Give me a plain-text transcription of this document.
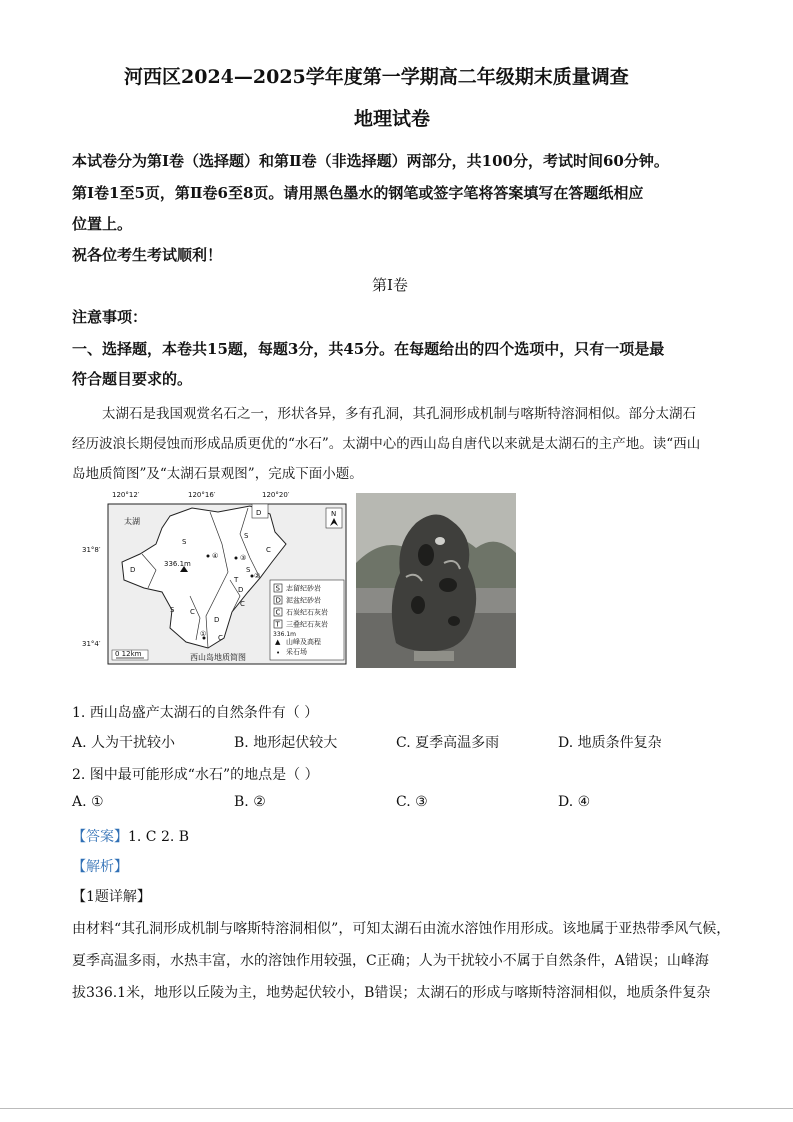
河西区2024—2025学年度第一学期高二年级期末质量调查
地理试卷
本试卷分为第Ⅰ卷（选择题）和第Ⅱ卷（非选择题）两部分，共100分，考试时间60分钟。
第Ⅰ卷1至5页，第Ⅱ卷6至8页。请用黑色墨水的钢笔或签字笔将答案填写在答题纸相应
位置上。
祝各位考生考试顺利！
第Ⅰ卷
注意事项：
一、选择题，本卷共15题，每题3分，共45分。在每题给出的四个选项中，只有一项是最
符合题目要求的。
太湖石是我国观赏名石之一，形状各异，多有孔洞，其孔洞形成机制与喀斯特溶洞相似。部分太湖石
经历波浪长期侵蚀而形成品质更优的“水石”。太湖中心的西山岛自唐代以来就是太湖石的主产地。读“西山
岛地质简图”及“太湖石景观图”，完成下面小题。
120°12′	120°16′	120°20′
31°8′
31°4′
S
D
S
C
S C
D
S
C
D
T
D
C
太湖
336.1m
④	③
②
①
N
S 志留纪砂岩
D 泥盆纪砂岩
C 石炭纪石灰岩
T 三叠纪石灰岩
336.1m
▲ 山峰及高程
• 采石场
0 12km	西山岛地质简图
1. 西山岛盛产太湖石的自然条件有（ ）
A. 人为干扰较小	B. 地形起伏较大	C. 夏季高温多雨	D. 地质条件复杂
2. 图中最可能形成“水石”的地点是（ ）
A. ①	B. ②	C. ③	D. ④
【答案】1. C 2. B
【解析】
【1题详解】
由材料“其孔洞形成机制与喀斯特溶洞相似”，可知太湖石由流水溶蚀作用形成。该地属于亚热带季风气候，
夏季高温多雨，水热丰富，水的溶蚀作用较强，C正确；人为干扰较小不属于自然条件，A错误；山峰海
拔336.1米，地形以丘陵为主，地势起伏较小，B错误；太湖石的形成与喀斯特溶洞相似，地质条件复杂
